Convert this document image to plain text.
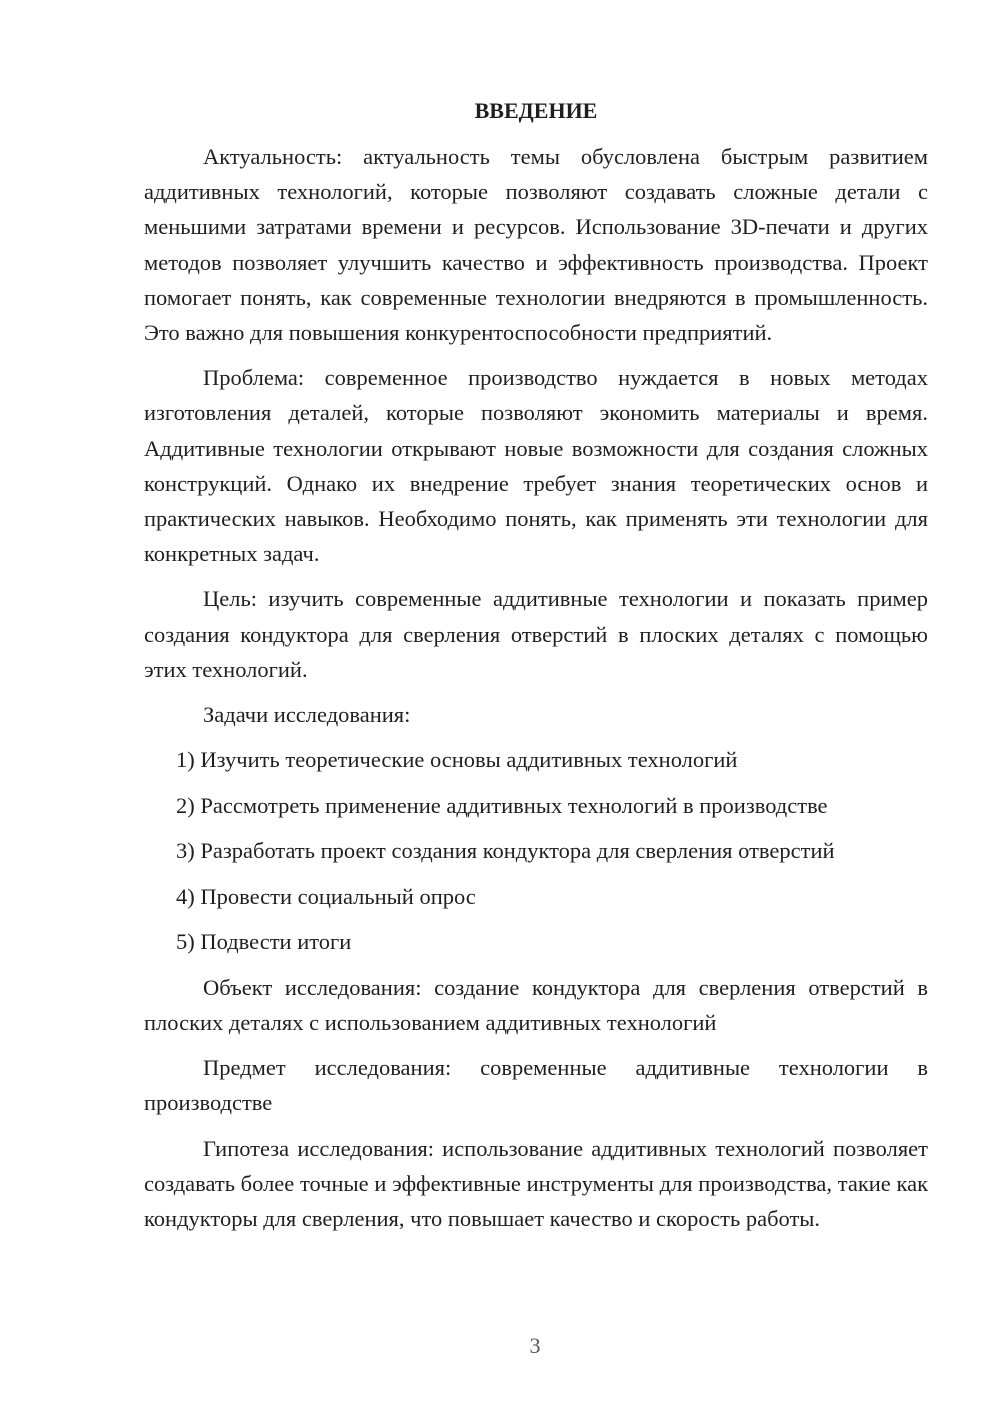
ВВЕДЕНИЕ

Актуальность: актуальность темы обусловлена быстрым развитием аддитивных технологий, которые позволяют создавать сложные детали с меньшими затратами времени и ресурсов. Использование 3D-печати и других методов позволяет улучшить качество и эффективность производства. Проект помогает понять, как современные технологии внедряются в промышленность. Это важно для повышения конкурентоспособности предприятий.

Проблема: современное производство нуждается в новых методах изготовления деталей, которые позволяют экономить материалы и время. Аддитивные технологии открывают новые возможности для создания сложных конструкций. Однако их внедрение требует знания теоретических основ и практических навыков. Необходимо понять, как применять эти технологии для конкретных задач.

Цель: изучить современные аддитивные технологии и показать пример создания кондуктора для сверления отверстий в плоских деталях с помощью этих технологий.

Задачи исследования:

1) Изучить теоретические основы аддитивных технологий
2) Рассмотреть применение аддитивных технологий в производстве
3) Разработать проект создания кондуктора для сверления отверстий
4) Провести социальный опрос
5) Подвести итоги

Объект исследования: создание кондуктора для сверления отверстий в плоских деталях с использованием аддитивных технологий

Предмет исследования: современные аддитивные технологии в производстве

Гипотеза исследования: использование аддитивных технологий позволяет создавать более точные и эффективные инструменты для производства, такие как кондукторы для сверления, что повышает качество и скорость работы.

3
